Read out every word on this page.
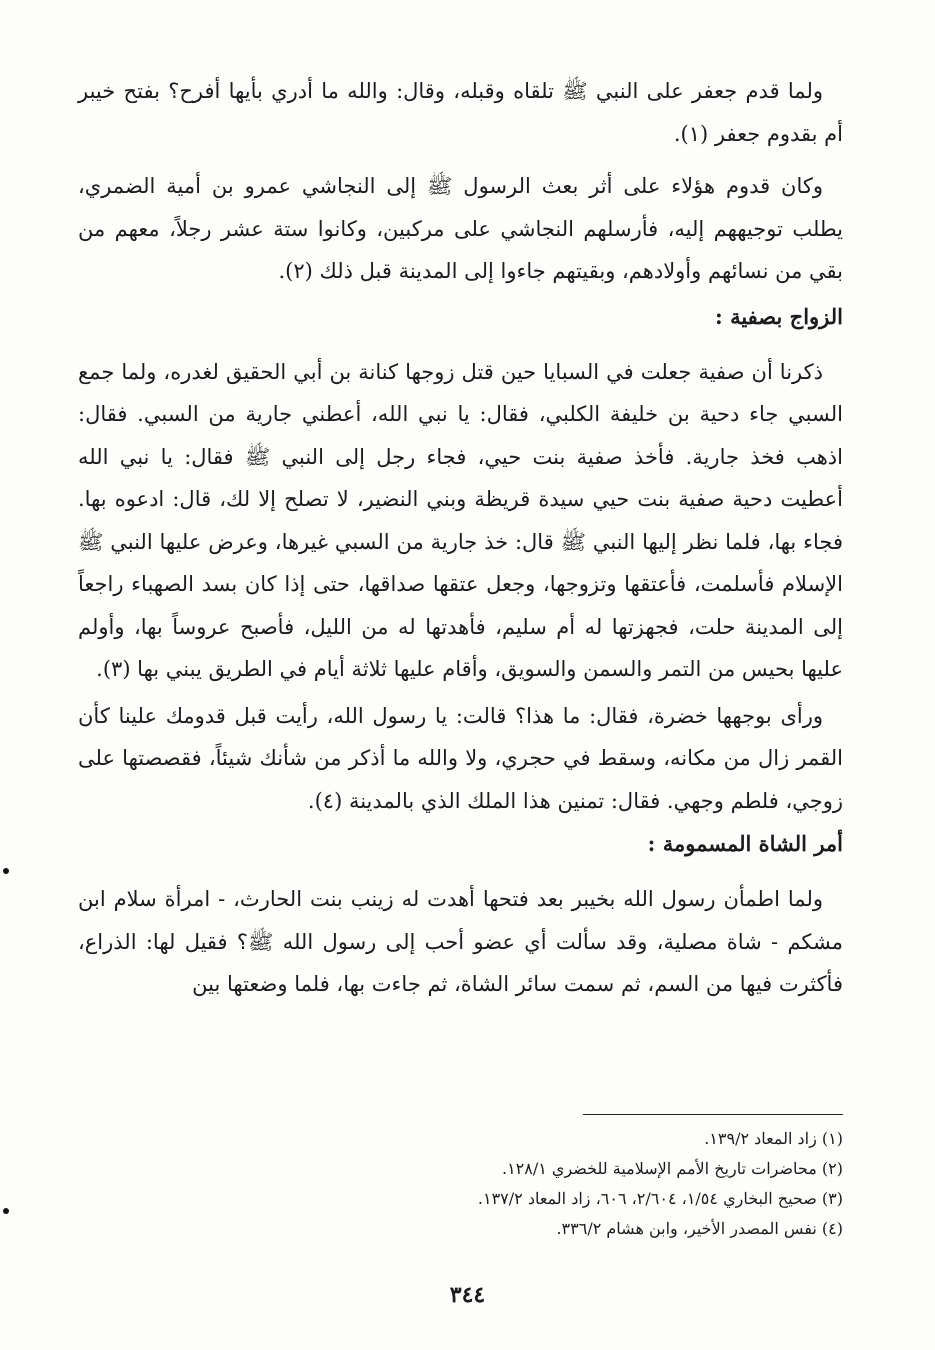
ولما قدم جعفر على النبي ﷺ تلقاه وقبله، وقال: والله ما أدري بأيها أفرح؟ بفتح خيبر أم بقدوم جعفر (١).

وكان قدوم هؤلاء على أثر بعث الرسول ﷺ إلى النجاشي عمرو بن أمية الضمري، يطلب توجيههم إليه، فأرسلهم النجاشي على مركبين، وكانوا ستة عشر رجلاً، معهم من بقي من نسائهم وأولادهم، وبقيتهم جاءوا إلى المدينة قبل ذلك (٢).

الزواج بصفية :

ذكرنا أن صفية جعلت في السبايا حين قتل زوجها كنانة بن أبي الحقيق لغدره، ولما جمع السبي جاء دحية بن خليفة الكلبي، فقال: يا نبي الله، أعطني جارية من السبي. فقال: اذهب فخذ جارية. فأخذ صفية بنت حيي، فجاء رجل إلى النبي ﷺ فقال: يا نبي الله أعطيت دحية صفية بنت حيي سيدة قريظة وبني النضير، لا تصلح إلا لك، قال: ادعوه بها. فجاء بها، فلما نظر إليها النبي ﷺ قال: خذ جارية من السبي غيرها، وعرض عليها النبي ﷺ الإسلام فأسلمت، فأعتقها وتزوجها، وجعل عتقها صداقها، حتى إذا كان بسد الصهباء راجعاً إلى المدينة حلت، فجهزتها له أم سليم، فأهدتها له من الليل، فأصبح عروساً بها، وأولم عليها بحيس من التمر والسمن والسويق، وأقام عليها ثلاثة أيام في الطريق يبني بها (٣).

ورأى بوجهها خضرة، فقال: ما هذا؟ قالت: يا رسول الله، رأيت قبل قدومك علينا كأن القمر زال من مكانه، وسقط في حجري، ولا والله ما أذكر من شأنك شيئاً، فقصصتها على زوجي، فلطم وجهي. فقال: تمنين هذا الملك الذي بالمدينة (٤).

أمر الشاة المسمومة :

ولما اطمأن رسول الله بخيبر بعد فتحها أهدت له زينب بنت الحارث، - امرأة سلام ابن مشكم - شاة مصلية، وقد سألت أي عضو أحب إلى رسول الله ﷺ؟ فقيل لها: الذراع، فأكثرت فيها من السم، ثم سمت سائر الشاة، ثم جاءت بها، فلما وضعتها بين

(١) زاد المعاد ١٣٩/٢.

(٢) محاضرات تاريخ الأمم الإسلامية للخضري ١٢٨/١.

(٣) صحيح البخاري ١/٥٤، ٢/٦٠٤، ٦٠٦، زاد المعاد ١٣٧/٢.

(٤) نفس المصدر الأخير، وابن هشام ٣٣٦/٢.

٣٤٤
